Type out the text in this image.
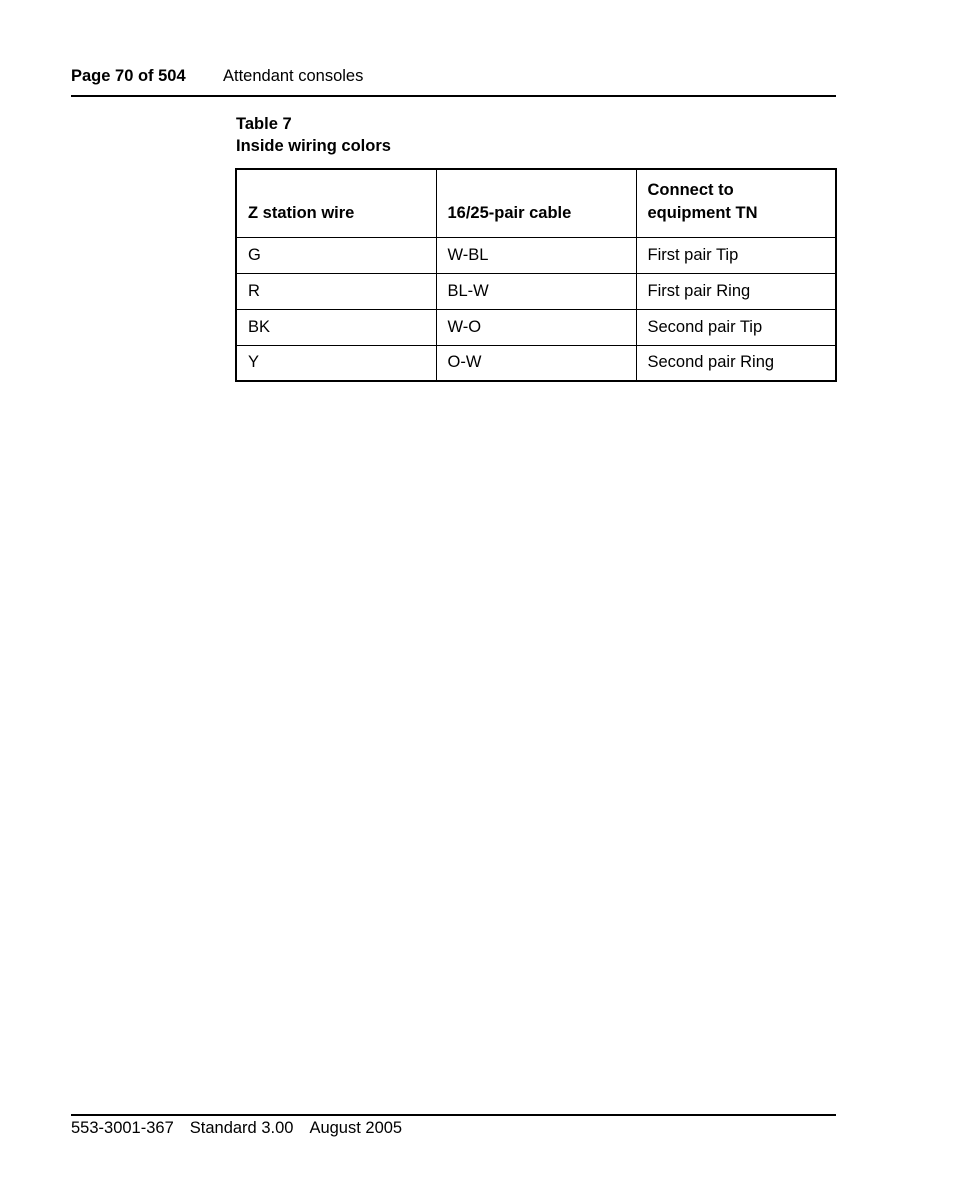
Page 70 of 504 Attendant consoles
Table 7
Inside wiring colors
Z station wire	16/25-pair cable	Connect to
equipment TN

G	W-BL	First pair Tip
R	BL-W	First pair Ring
BK	W-O	Second pair Tip
Y	O-W	Second pair Ring
553-3001-367 Standard 3.00 August 2005
